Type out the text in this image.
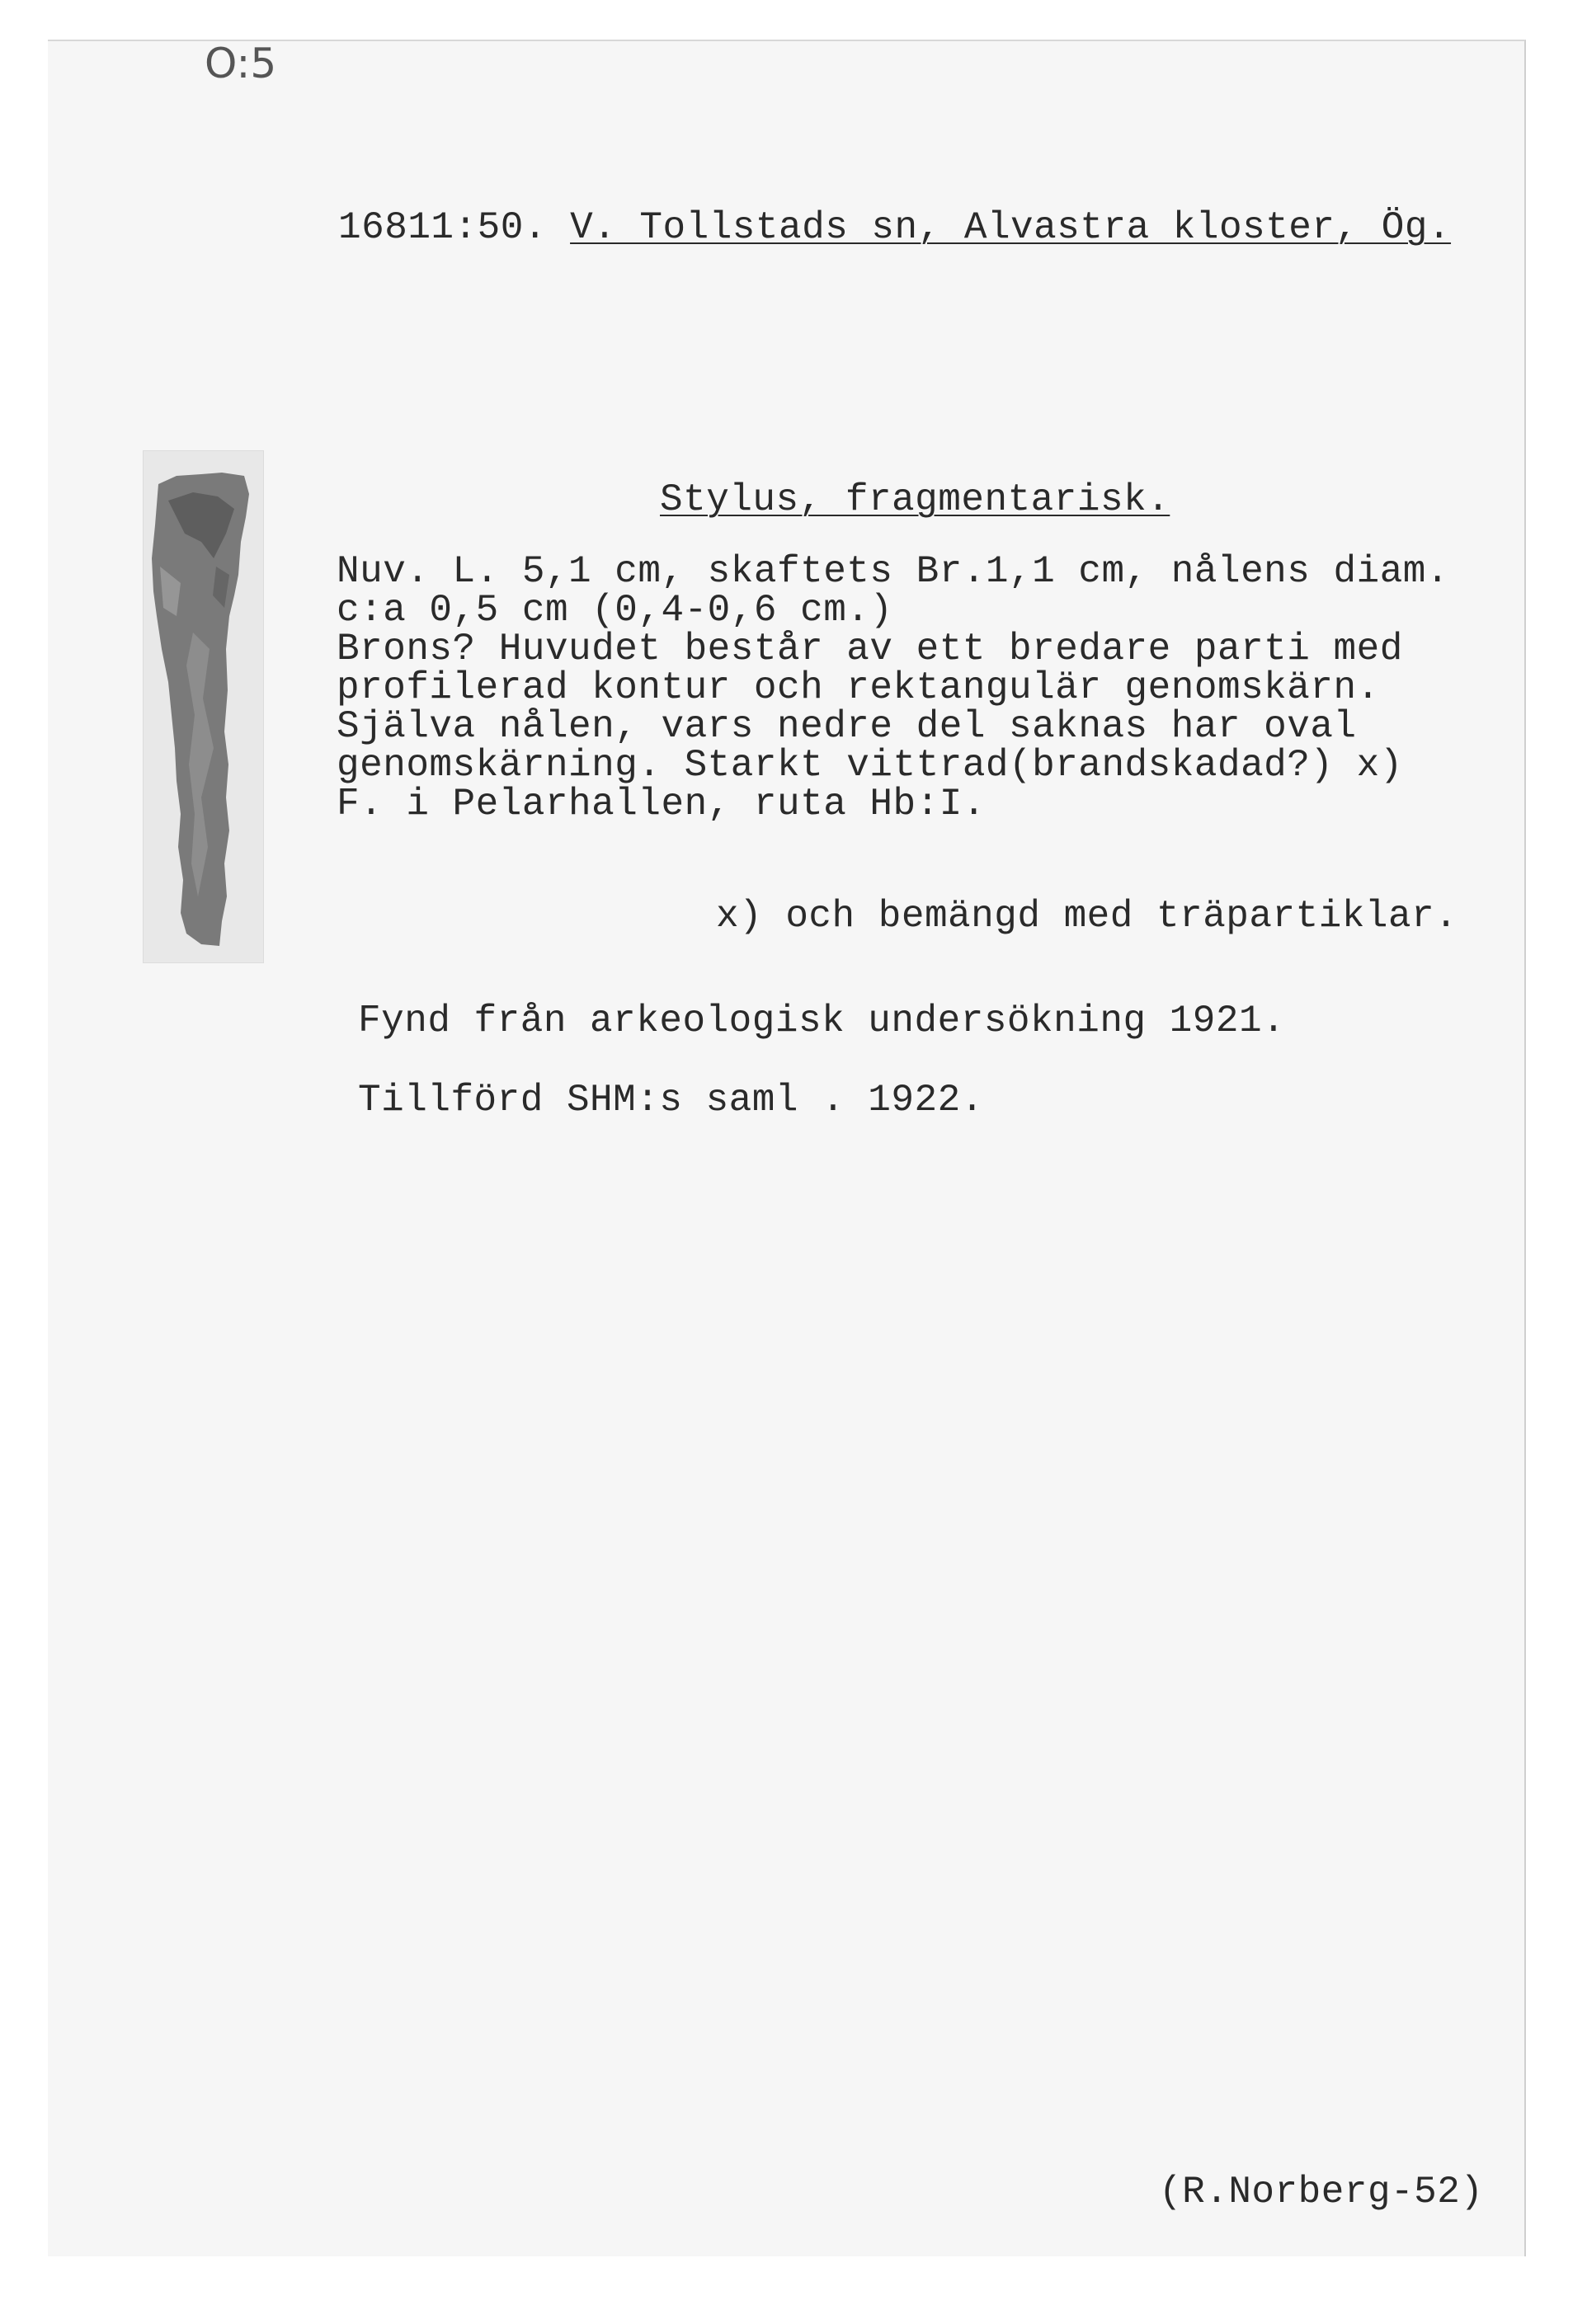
O:5
16811:50. V. Tollstads sn, Alvastra kloster, Ög.
Stylus, fragmentarisk.
Nuv. L. 5,1 cm, skaftets Br.1,1 cm, nålens diam.
c:a 0,5 cm (0,4-0,6 cm.)
Brons? Huvudet består av ett bredare parti med
profilerad kontur och rektangulär genomskärn.
Själva nålen, vars nedre del saknas har oval
genomskärning. Starkt vittrad(brandskadad?) x)
F. i Pelarhallen, ruta Hb:I.
x) och bemängd med träpartiklar.
Fynd från arkeologisk undersökning 1921.
Tillförd SHM:s saml . 1922.
(R.Norberg-52)
